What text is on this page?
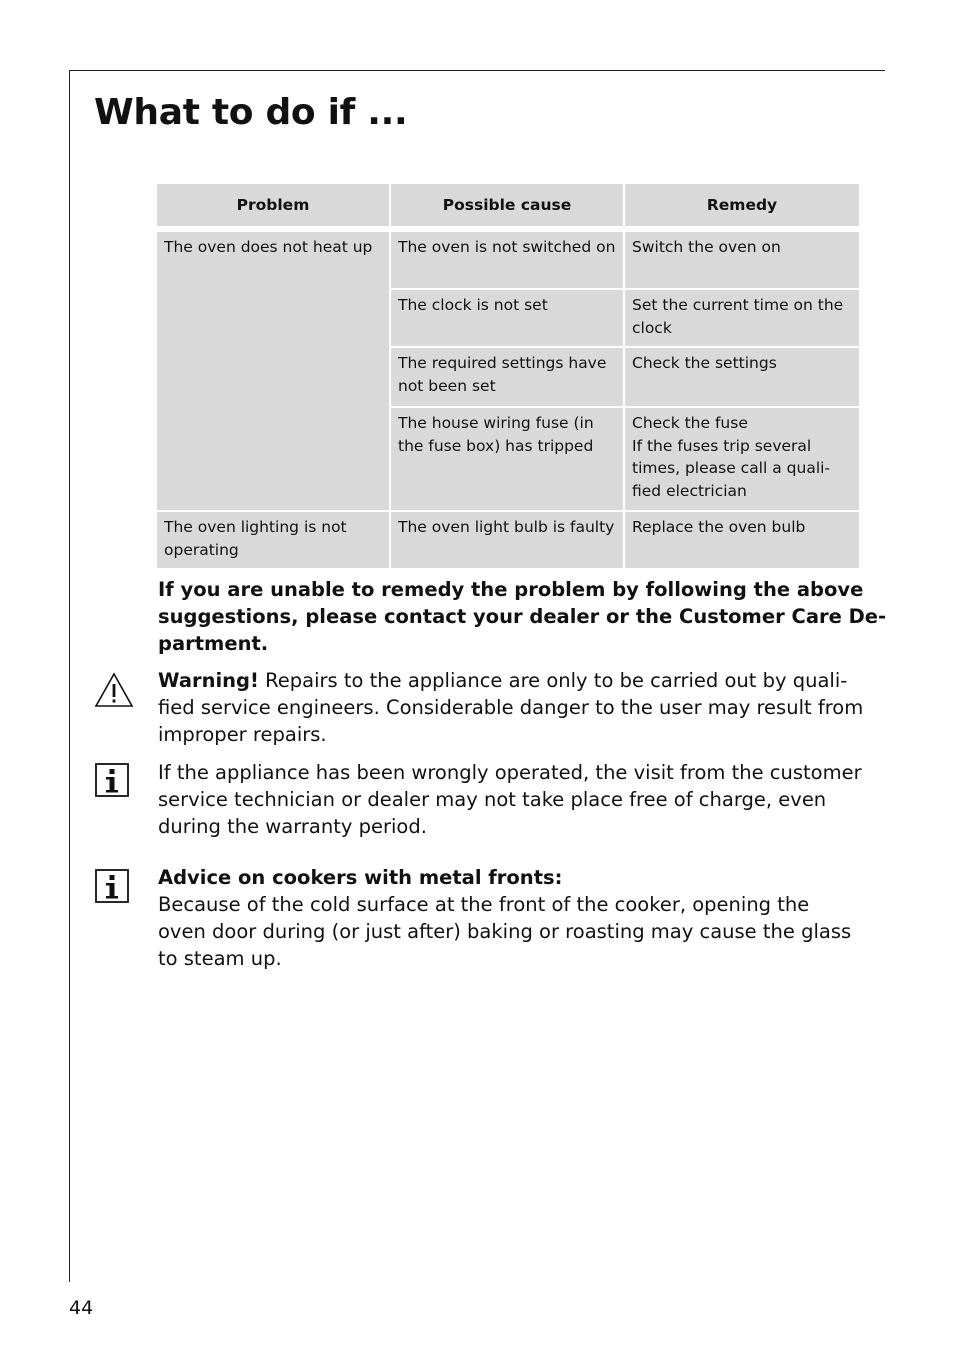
What to do if ...
Problem	Possible cause	Remedy
The oven does not heat up	The oven is not switched on	Switch the oven on

	The clock is not set	Set the current time on the clock

	The required settings have not been set	Check the settings

	The house wiring fuse (in the fuse box) has tripped	Check the fuse
If the fuses trip several times, please call a quali-fied electrician

The oven lighting is not operating	The oven light bulb is faulty	Replace the oven bulb

If you are unable to remedy the problem by following the above
suggestions, please contact your dealer or the Customer Care De-
partment.

Warning! Repairs to the appliance are only to be carried out by quali-
fied service engineers. Considerable danger to the user may result from
improper repairs.

If the appliance has been wrongly operated, the visit from the customer
service technician or dealer may not take place free of charge, even
during the warranty period.

Advice on cookers with metal fronts:
Because of the cold surface at the front of the cooker, opening the
oven door during (or just after) baking or roasting may cause the glass
to steam up.

44
